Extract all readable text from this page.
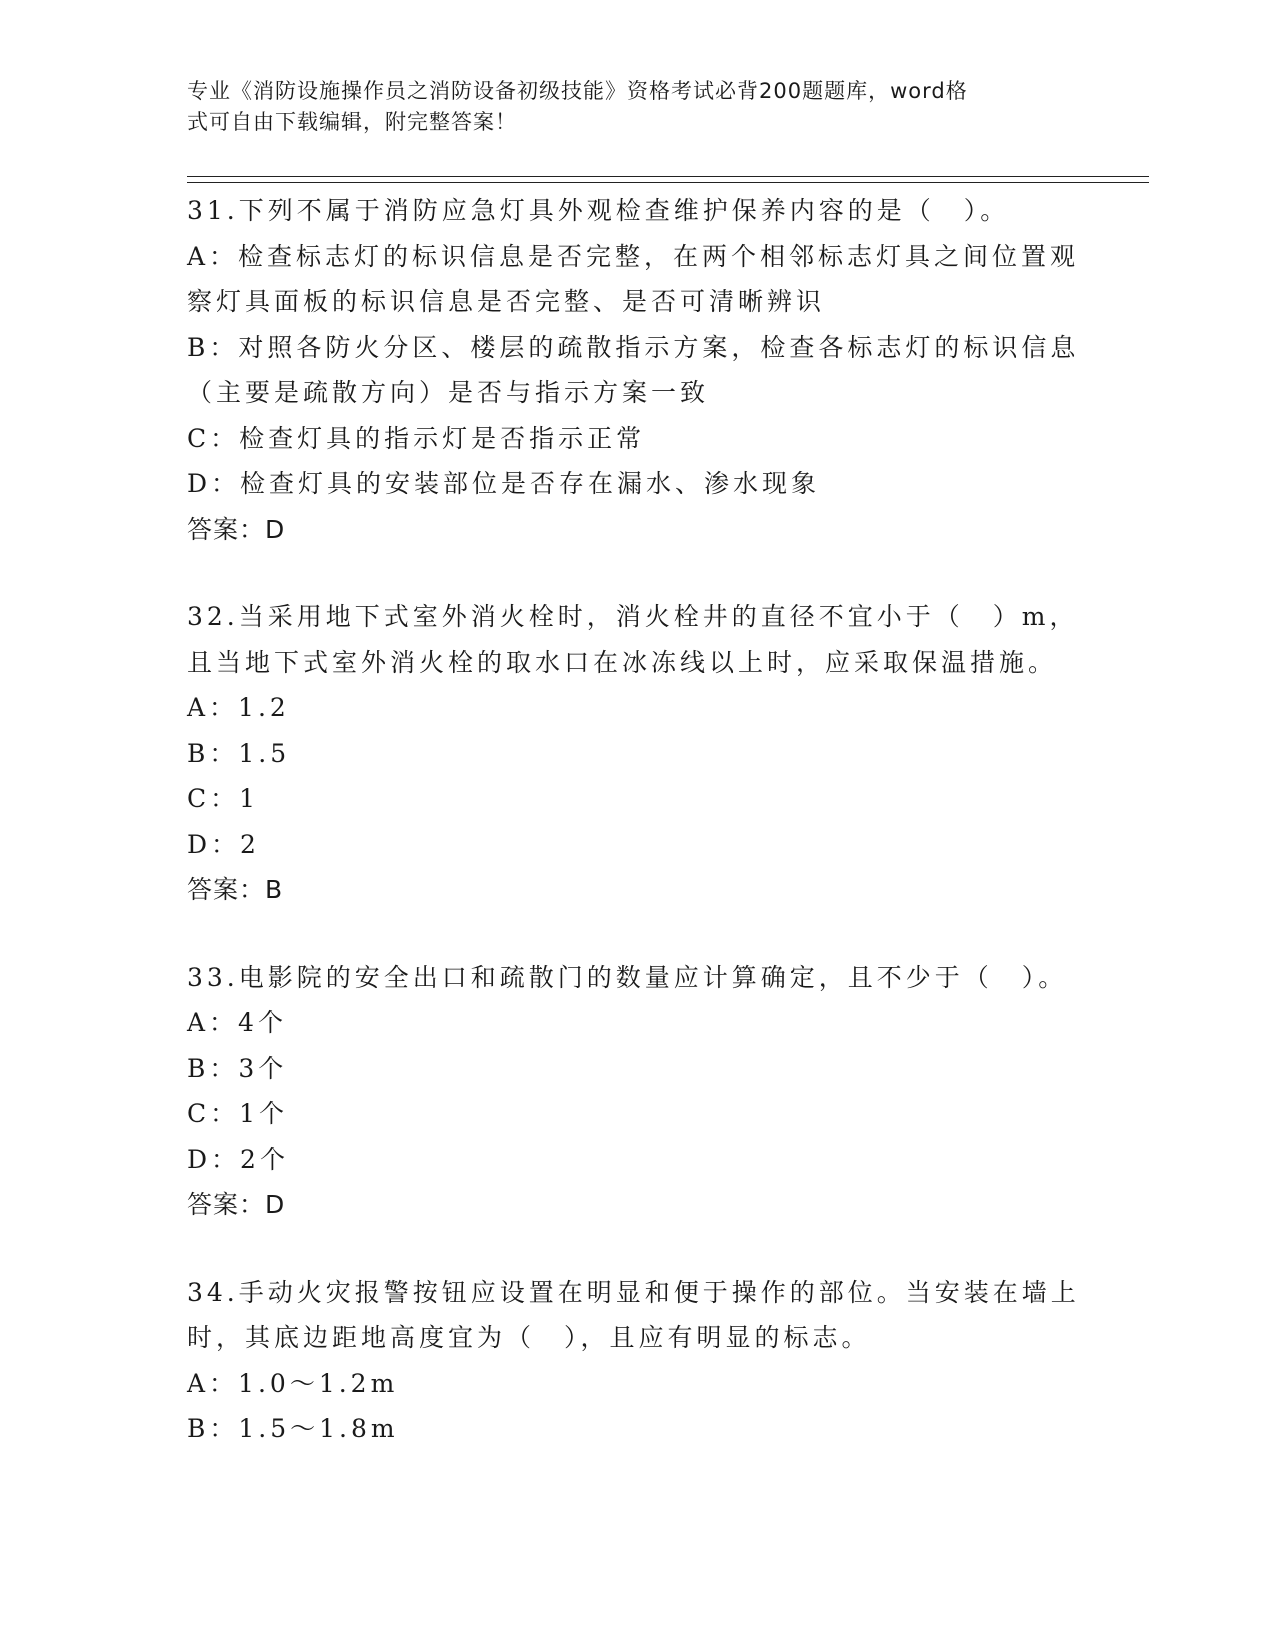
专业《消防设施操作员之消防设备初级技能》资格考试必背200题题库，word格
式可自由下载编辑，附完整答案！
31.下列不属于消防应急灯具外观检查维护保养内容的是（　）。
A：检查标志灯的标识信息是否完整，在两个相邻标志灯具之间位置观
察灯具面板的标识信息是否完整、是否可清晰辨识
B：对照各防火分区、楼层的疏散指示方案，检查各标志灯的标识信息
（主要是疏散方向）是否与指示方案一致
C：检查灯具的指示灯是否指示正常
D：检查灯具的安装部位是否存在漏水、渗水现象
答案：D
32.当采用地下式室外消火栓时，消火栓井的直径不宜小于（　）m，
且当地下式室外消火栓的取水口在冰冻线以上时，应采取保温措施。
A：1.2
B：1.5
C：1
D：2
答案：B
33.电影院的安全出口和疏散门的数量应计算确定，且不少于（　）。
A：4个
B：3个
C：1个
D：2个
答案：D
34.手动火灾报警按钮应设置在明显和便于操作的部位。当安装在墙上
时，其底边距地高度宜为（　），且应有明显的标志。
A：1.0～1.2m
B：1.5～1.8m
